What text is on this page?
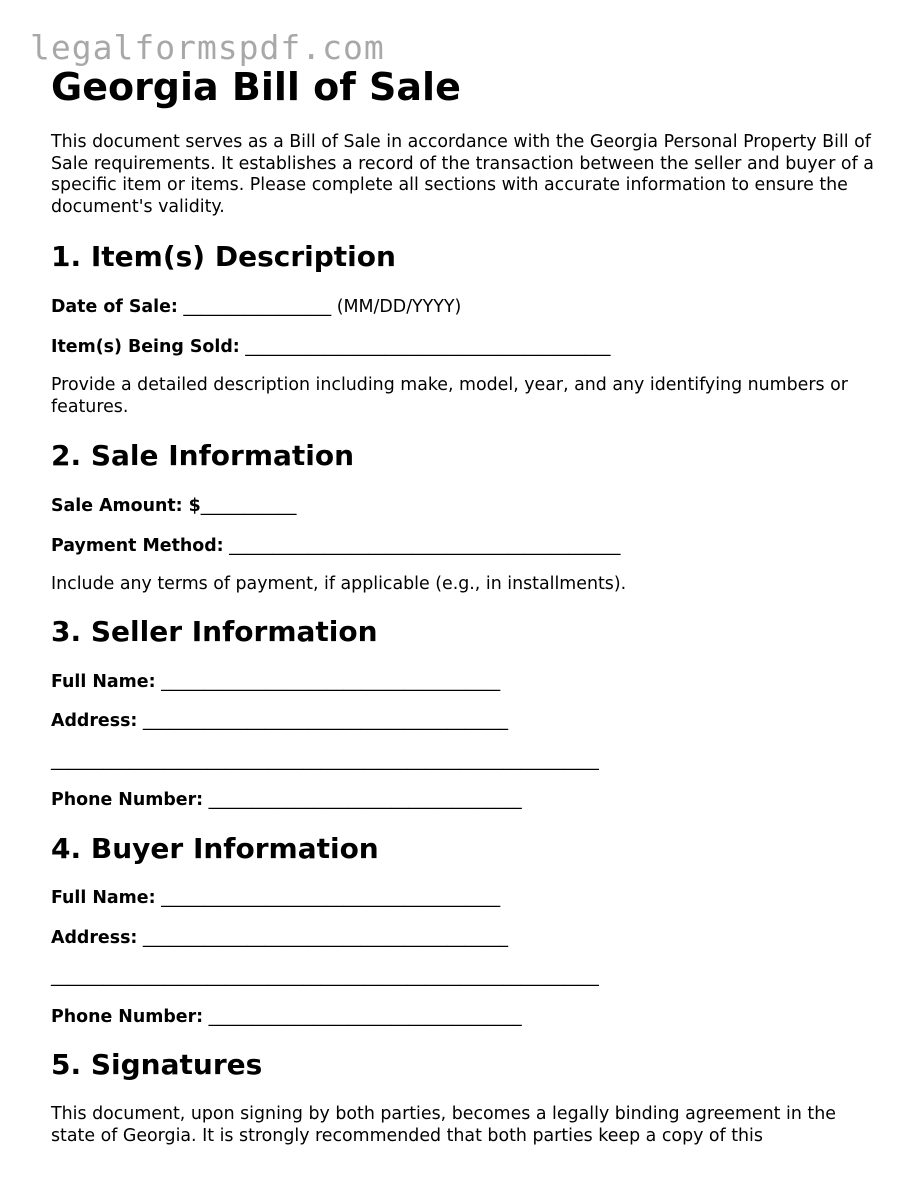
legalformspdf.com
Georgia Bill of Sale

This document serves as a Bill of Sale in accordance with the Georgia Personal Property Bill of Sale requirements. It establishes a record of the transaction between the seller and buyer of a specific item or items. Please complete all sections with accurate information to ensure the document's validity.

1. Item(s) Description

Date of Sale: _________________ (MM/DD/YYYY)

Item(s) Being Sold: __________________________________________

Provide a detailed description including make, model, year, and any identifying numbers or features.

2. Sale Information

Sale Amount: $___________

Payment Method: _____________________________________________

Include any terms of payment, if applicable (e.g., in installments).

3. Seller Information

Full Name: _______________________________________

Address: __________________________________________

_______________________________________________________________

Phone Number: ____________________________________

4. Buyer Information

Full Name: _______________________________________

Address: __________________________________________

_______________________________________________________________

Phone Number: ____________________________________

5. Signatures

This document, upon signing by both parties, becomes a legally binding agreement in the state of Georgia. It is strongly recommended that both parties keep a copy of this
